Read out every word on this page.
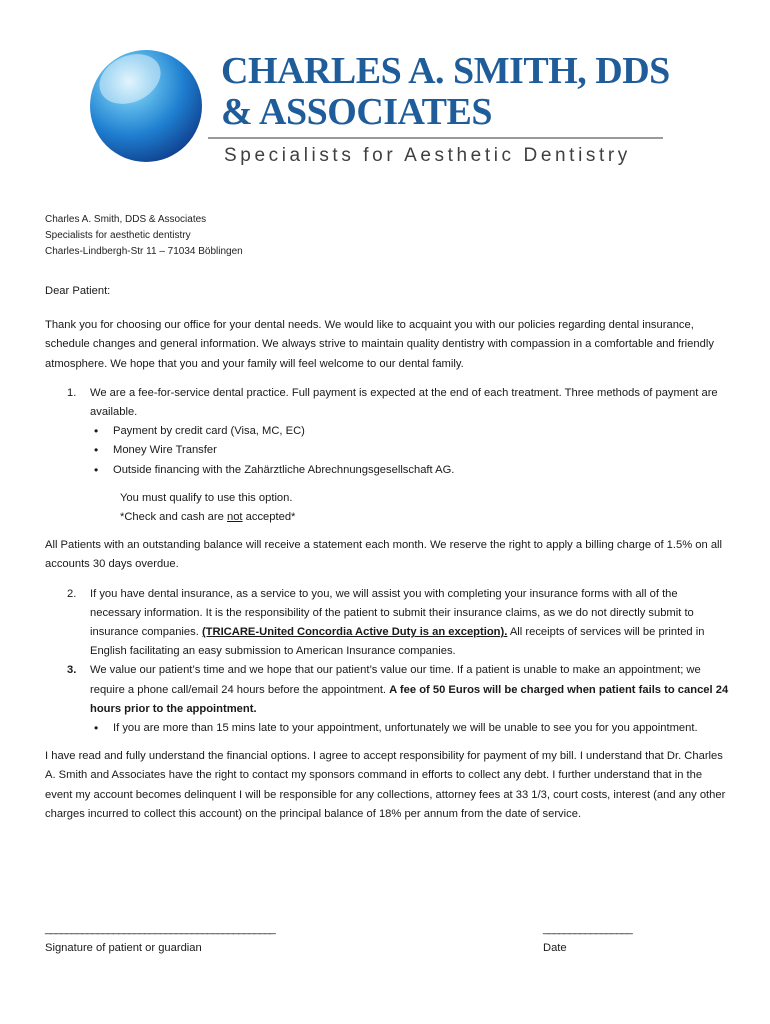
CHARLES A. SMITH, DDS
& ASSOCIATES
Specialists for Aesthetic Dentistry
Charles A. Smith, DDS & Associates
Specialists for aesthetic dentistry
Charles-Lindbergh-Str 11 – 71034 Böblingen

Dear Patient:

Thank you for choosing our office for your dental needs. We would like to acquaint you with our policies regarding dental insurance, schedule changes and general information. We always strive to maintain quality dentistry with compassion in a comfortable and friendly atmosphere. We hope that you and your family will feel welcome to our dental family.

1. We are a fee-for-service dental practice. Full payment is expected at the end of each treatment. Three methods of payment are available.
• Payment by credit card (Visa, MC, EC)
• Money Wire Transfer
• Outside financing with the Zahärztliche Abrechnungsgesellschaft AG.
You must qualify to use this option.
*Check and cash are not accepted*

All Patients with an outstanding balance will receive a statement each month. We reserve the right to apply a billing charge of 1.5% on all accounts 30 days overdue.

2. If you have dental insurance, as a service to you, we will assist you with completing your insurance forms with all of the necessary information. It is the responsibility of the patient to submit their insurance claims, as we do not directly submit to insurance companies. (TRICARE-United Concordia Active Duty is an exception). All receipts of services will be printed in English facilitating an easy submission to American Insurance companies.
3. We value our patient’s time and we hope that our patient’s value our time. If a patient is unable to make an appointment; we require a phone call/email 24 hours before the appointment. A fee of 50 Euros will be charged when patient fails to cancel 24 hours prior to the appointment.
• If you are more than 15 mins late to your appointment, unfortunately we will be unable to see you for you appointment.

I have read and fully understand the financial options. I agree to accept responsibility for payment of my bill. I understand that Dr. Charles A. Smith and Associates have the right to contact my sponsors command in efforts to collect any debt. I further understand that in the event my account becomes delinquent I will be responsible for any collections, attorney fees at 33 1/3, court costs, interest (and any other charges incurred to collect this account) on the principal balance of 18% per annum from the date of service.

____________________________________________
Signature of patient or guardian
_________________
Date
